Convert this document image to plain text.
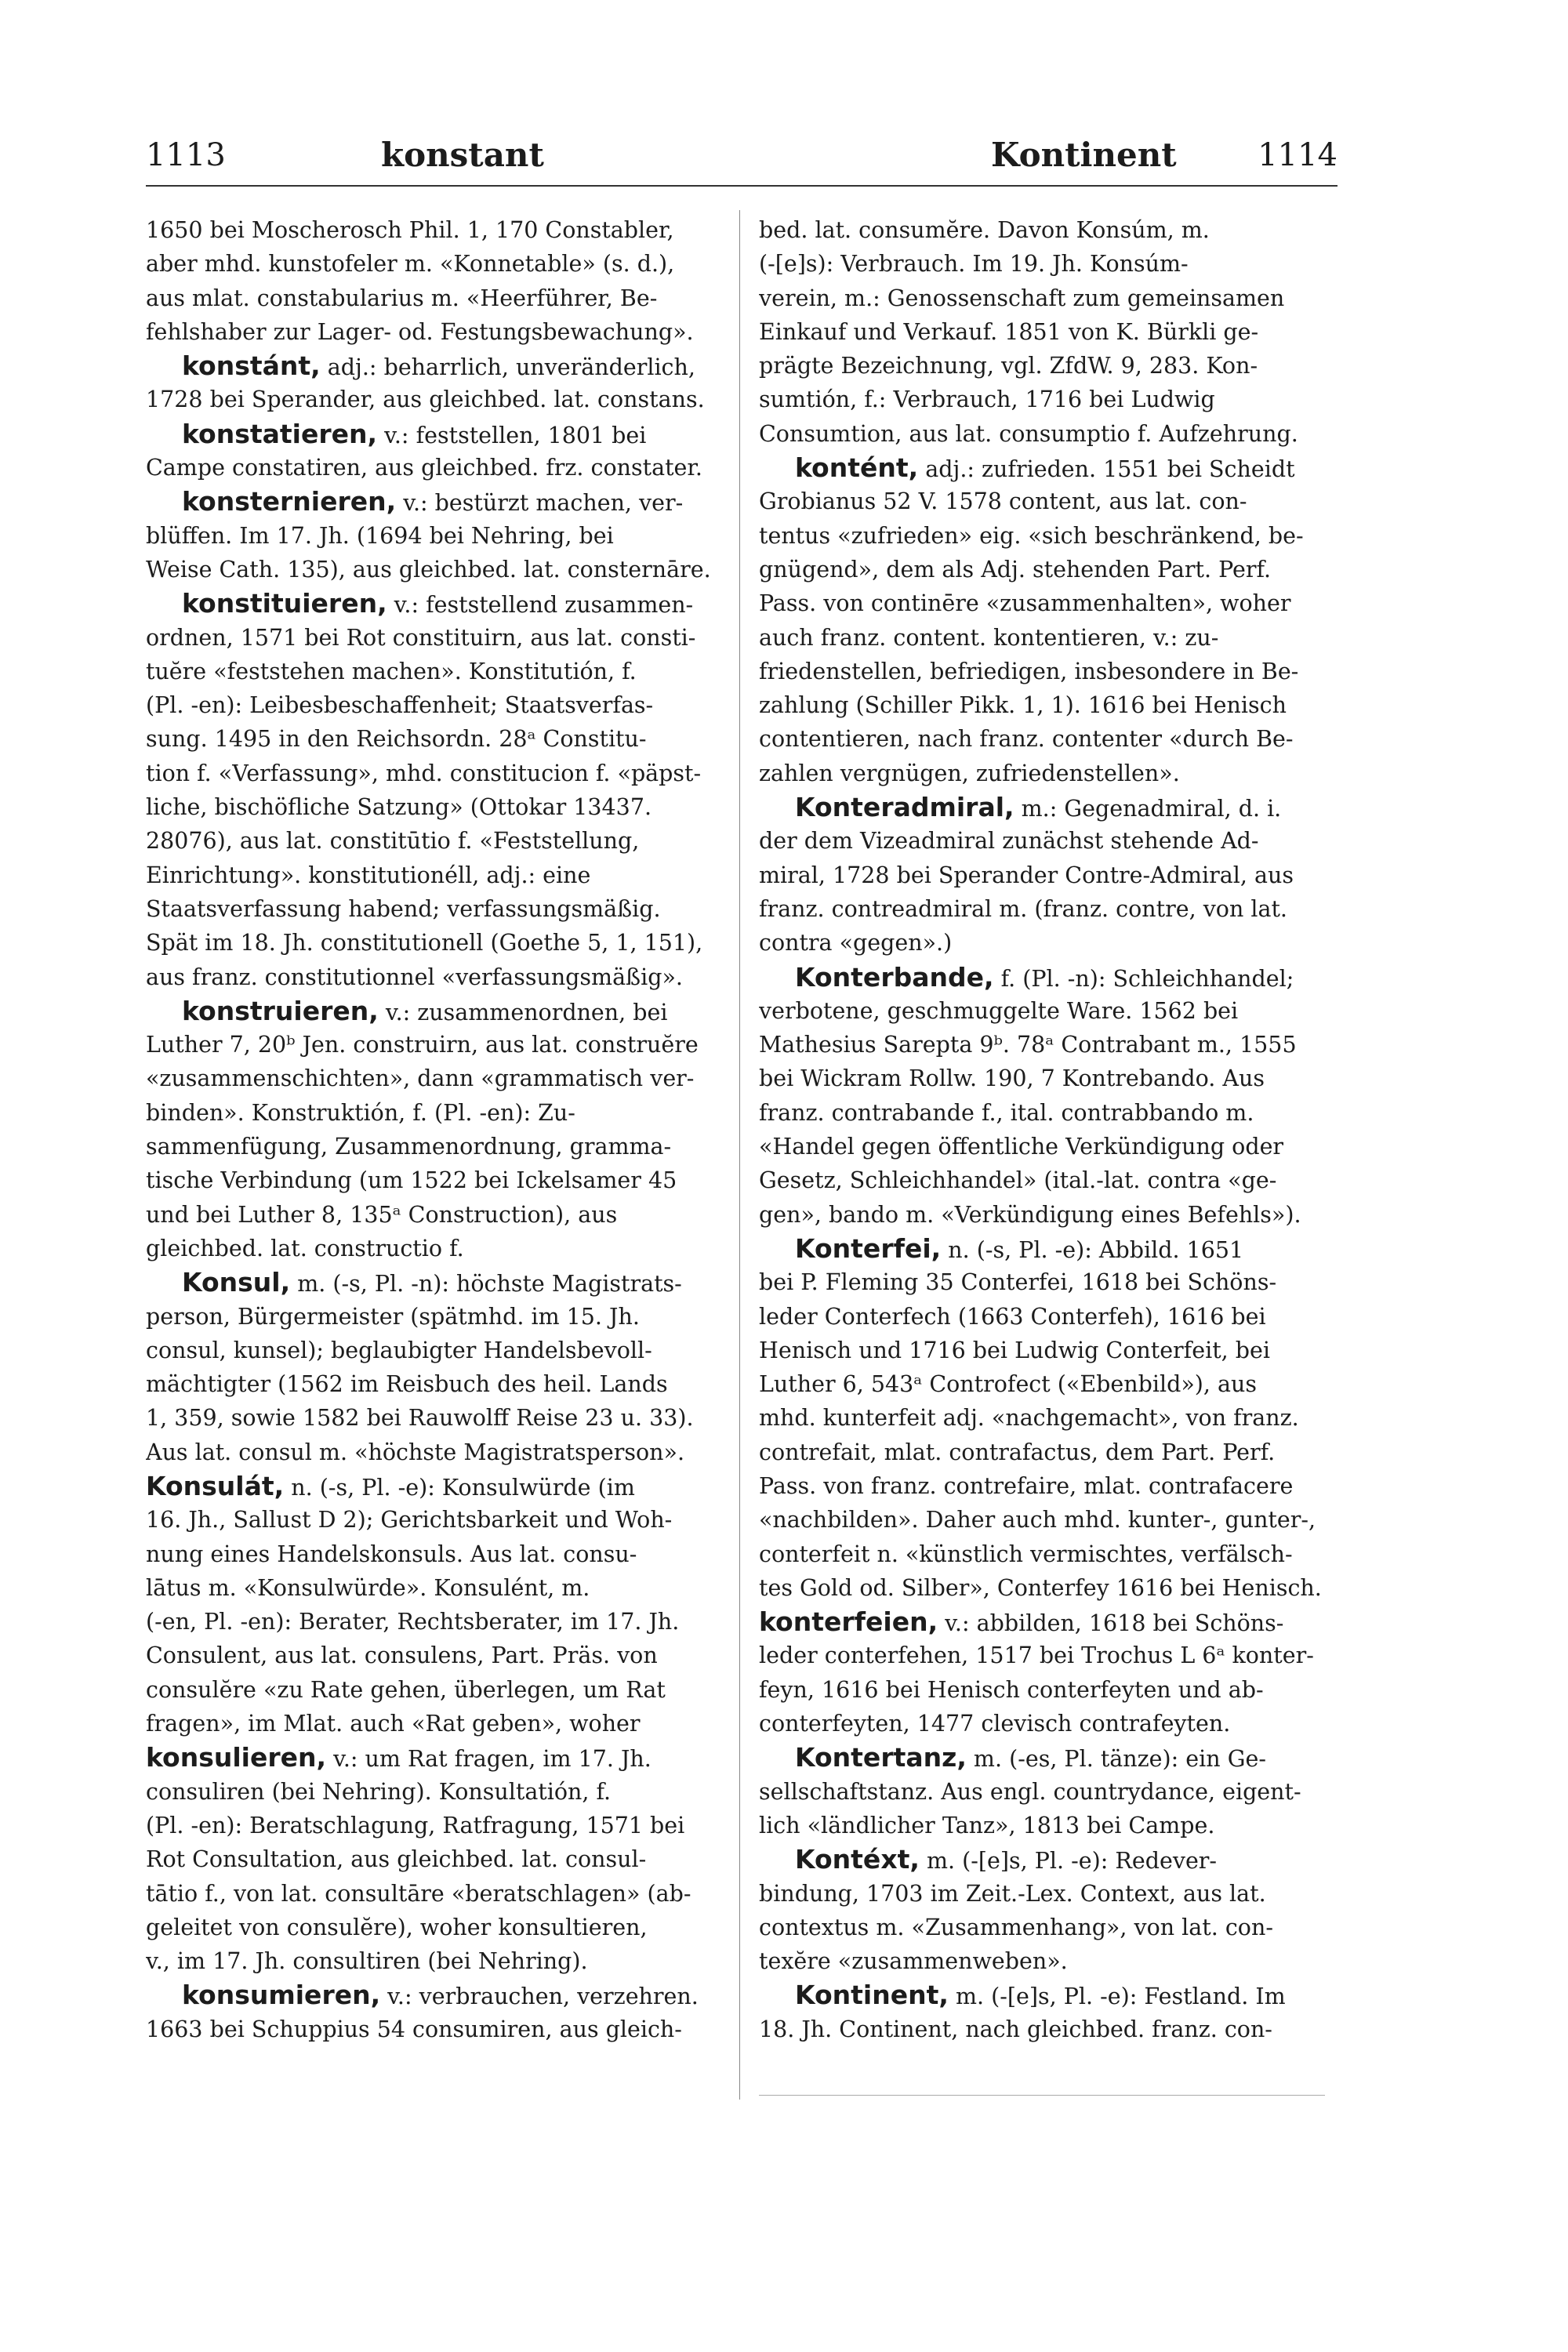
1113	konstant	Kontinent	1114
1650 bei Moscherosch Phil. 1, 170 Constabler,
aber mhd. kunstofeler m. «Konnetable» (s. d.),
aus mlat. constabularius m. «Heerführer, Be-
fehlshaber zur Lager- od. Festungsbewachung».
konstánt, adj.: beharrlich, unveränderlich,
1728 bei Sperander, aus gleichbed. lat. constans.
konstatieren, v.: feststellen, 1801 bei
Campe constatiren, aus gleichbed. frz. constater.
konsternieren, v.: bestürzt machen, ver-
blüffen. Im 17. Jh. (1694 bei Nehring, bei
Weise Cath. 135), aus gleichbed. lat. consternāre.
konstituieren, v.: feststellend zusammen-
ordnen, 1571 bei Rot constituirn, aus lat. consti-
tuĕre «feststehen machen». Konstitutión, f.
(Pl. -en): Leibesbeschaffenheit; Staatsverfas-
sung. 1495 in den Reichsordn. 28ᵃ Constitu-
tion f. «Verfassung», mhd. constitucion f. «päpst-
liche, bischöfliche Satzung» (Ottokar 13437.
28076), aus lat. constitūtio f. «Feststellung,
Einrichtung». konstitutionéll, adj.: eine
Staatsverfassung habend; verfassungsmäßig.
Spät im 18. Jh. constitutionell (Goethe 5, 1, 151),
aus franz. constitutionnel «verfassungsmäßig».
konstruieren, v.: zusammenordnen, bei
Luther 7, 20ᵇ Jen. construirn, aus lat. construĕre
«zusammenschichten», dann «grammatisch ver-
binden». Konstruktión, f. (Pl. -en): Zu-
sammenfügung, Zusammenordnung, gramma-
tische Verbindung (um 1522 bei Ickelsamer 45
und bei Luther 8, 135ᵃ Construction), aus
gleichbed. lat. constructio f.
Konsul, m. (-s, Pl. -n): höchste Magistrats-
person, Bürgermeister (spätmhd. im 15. Jh.
consul, kunsel); beglaubigter Handelsbevoll-
mächtigter (1562 im Reisbuch des heil. Lands
1, 359, sowie 1582 bei Rauwolff Reise 23 u. 33).
Aus lat. consul m. «höchste Magistratsperson».
Konsulát, n. (-s, Pl. -e): Konsulwürde (im
16. Jh., Sallust D 2); Gerichtsbarkeit und Woh-
nung eines Handelskonsuls. Aus lat. consu-
lātus m. «Konsulwürde». Konsulént, m.
(-en, Pl. -en): Berater, Rechtsberater, im 17. Jh.
Consulent, aus lat. consulens, Part. Präs. von
consulĕre «zu Rate gehen, überlegen, um Rat
fragen», im Mlat. auch «Rat geben», woher
konsulieren, v.: um Rat fragen, im 17. Jh.
consuliren (bei Nehring). Konsultatión, f.
(Pl. -en): Beratschlagung, Ratfragung, 1571 bei
Rot Consultation, aus gleichbed. lat. consul-
tātio f., von lat. consultāre «beratschlagen» (ab-
geleitet von consulĕre), woher konsultieren,
v., im 17. Jh. consultiren (bei Nehring).
konsumieren, v.: verbrauchen, verzehren.
1663 bei Schuppius 54 consumiren, aus gleich-
bed. lat. consumĕre. Davon Konsúm, m.
(-[e]s): Verbrauch. Im 19. Jh. Konsúm-
verein, m.: Genossenschaft zum gemeinsamen
Einkauf und Verkauf. 1851 von K. Bürkli ge-
prägte Bezeichnung, vgl. ZfdW. 9, 283. Kon-
sumtión, f.: Verbrauch, 1716 bei Ludwig
Consumtion, aus lat. consumptio f. Aufzehrung.
kontént, adj.: zufrieden. 1551 bei Scheidt
Grobianus 52 V. 1578 content, aus lat. con-
tentus «zufrieden» eig. «sich beschränkend, be-
gnügend», dem als Adj. stehenden Part. Perf.
Pass. von continēre «zusammenhalten», woher
auch franz. content. kontentieren, v.: zu-
friedenstellen, befriedigen, insbesondere in Be-
zahlung (Schiller Pikk. 1, 1). 1616 bei Henisch
contentieren, nach franz. contenter «durch Be-
zahlen vergnügen, zufriedenstellen».
Konteradmiral, m.: Gegenadmiral, d. i.
der dem Vizeadmiral zunächst stehende Ad-
miral, 1728 bei Sperander Contre-Admiral, aus
franz. contreadmiral m. (franz. contre, von lat.
contra «gegen».)
Konterbande, f. (Pl. -n): Schleichhandel;
verbotene, geschmuggelte Ware. 1562 bei
Mathesius Sarepta 9ᵇ. 78ᵃ Contrabant m., 1555
bei Wickram Rollw. 190, 7 Kontrebando. Aus
franz. contrabande f., ital. contrabbando m.
«Handel gegen öffentliche Verkündigung oder
Gesetz, Schleichhandel» (ital.-lat. contra «ge-
gen», bando m. «Verkündigung eines Befehls»).
Konterfei, n. (-s, Pl. -e): Abbild. 1651
bei P. Fleming 35 Conterfei, 1618 bei Schöns-
leder Conterfech (1663 Conterfeh), 1616 bei
Henisch und 1716 bei Ludwig Conterfeit, bei
Luther 6, 543ᵃ Controfect («Ebenbild»), aus
mhd. kunterfeit adj. «nachgemacht», von franz.
contrefait, mlat. contrafactus, dem Part. Perf.
Pass. von franz. contrefaire, mlat. contrafacere
«nachbilden». Daher auch mhd. kunter-, gunter-,
conterfeit n. «künstlich vermischtes, verfälsch-
tes Gold od. Silber», Conterfey 1616 bei Henisch.
konterfeien, v.: abbilden, 1618 bei Schöns-
leder conterfehen, 1517 bei Trochus L 6ᵃ konter-
feyn, 1616 bei Henisch conterfeyten und ab-
conterfeyten, 1477 clevisch contrafeyten.
Kontertanz, m. (-es, Pl. tänze): ein Ge-
sellschaftstanz. Aus engl. countrydance, eigent-
lich «ländlicher Tanz», 1813 bei Campe.
Kontéxt, m. (-[e]s, Pl. -e): Redever-
bindung, 1703 im Zeit.-Lex. Context, aus lat.
contextus m. «Zusammenhang», von lat. con-
texĕre «zusammenweben».
Kontinent, m. (-[e]s, Pl. -e): Festland. Im
18. Jh. Continent, nach gleichbed. franz. con-
